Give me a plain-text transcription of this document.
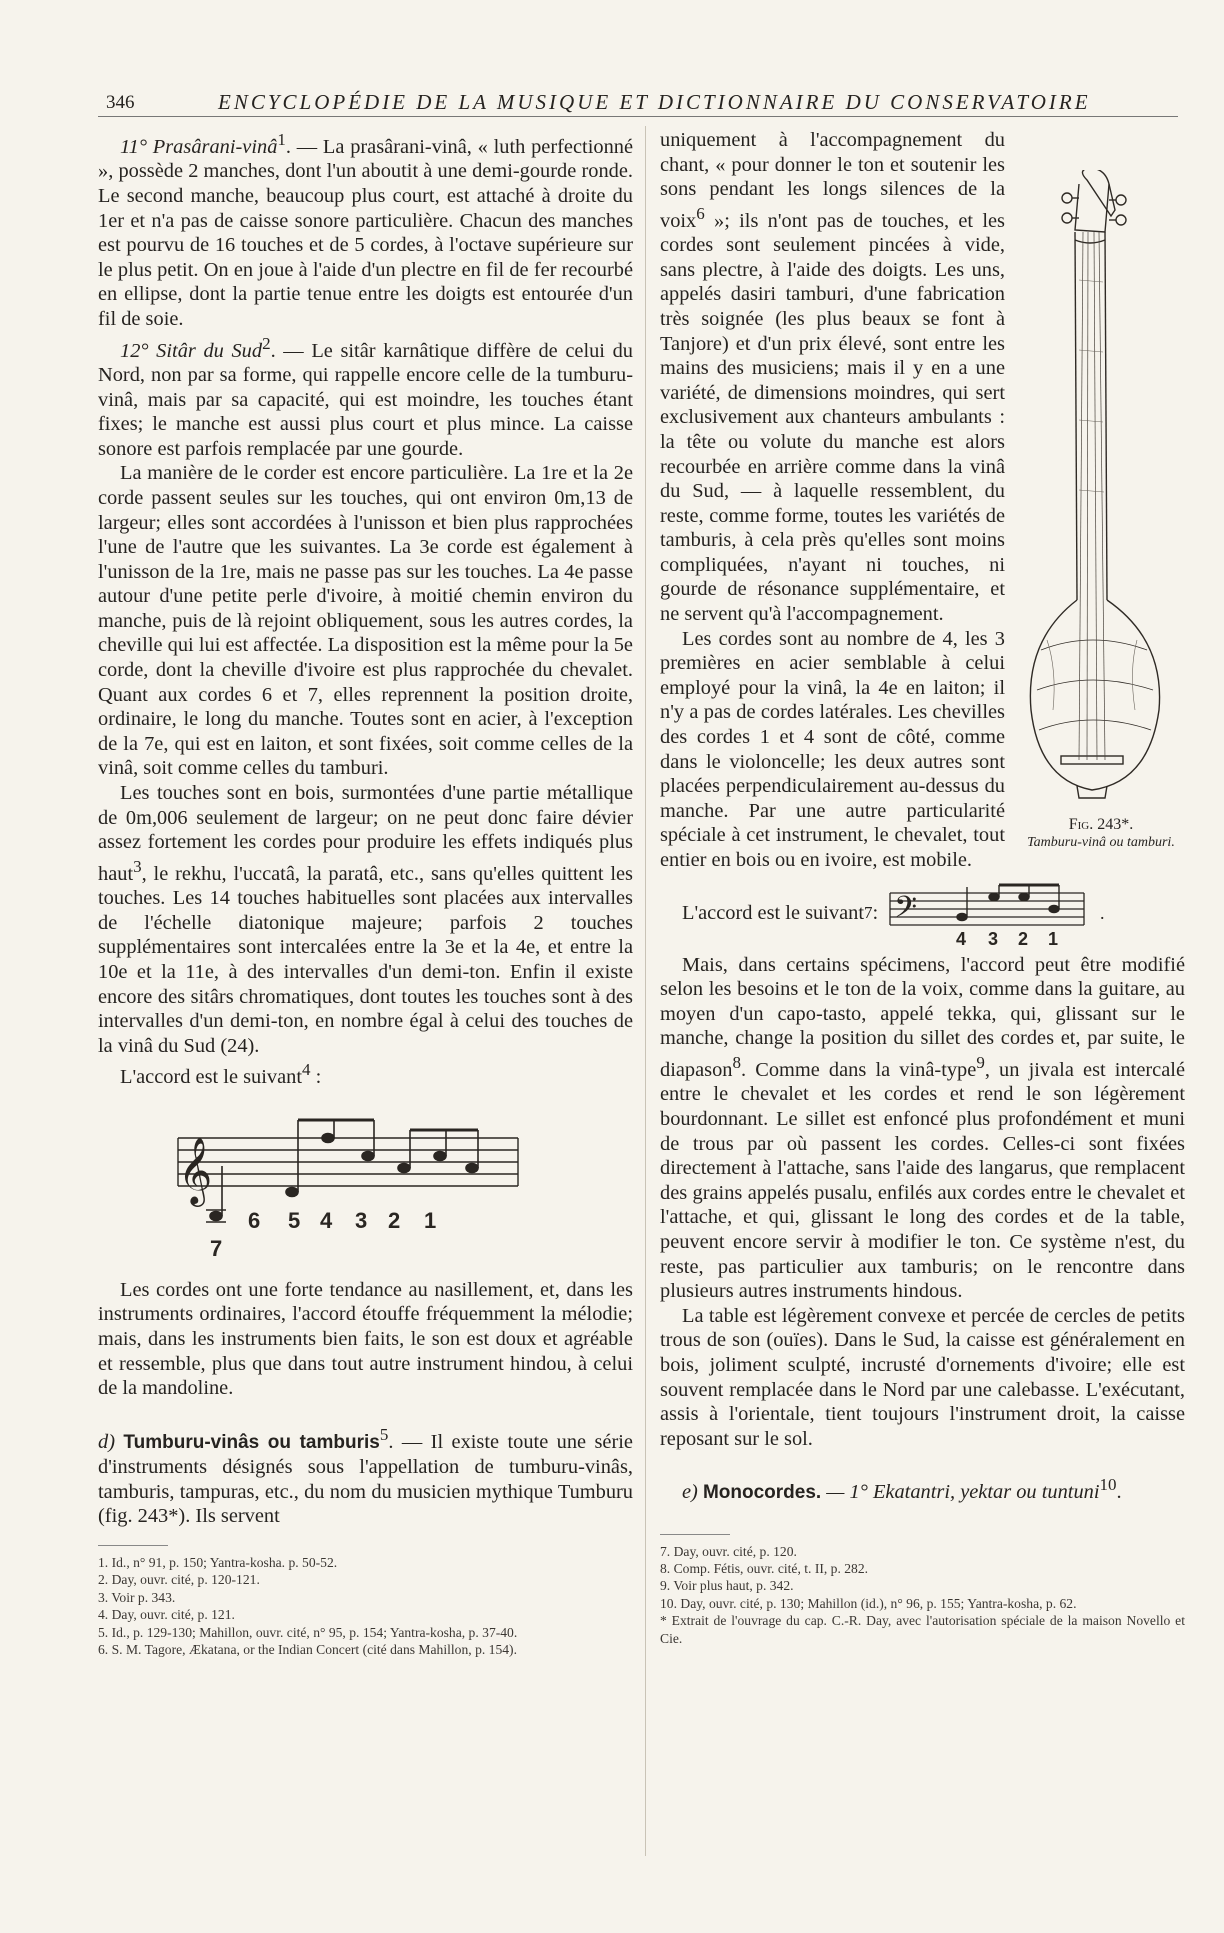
346	ENCYCLOPÉDIE DE LA MUSIQUE ET DICTIONNAIRE DU CONSERVATOIRE

11° Prasârani-vinâ$^1$. — La prasârani-vinâ, « luth perfectionné », possède 2 manches, dont l'un aboutit à une demi-gourde ronde. Le second manche, beaucoup plus court, est attaché à droite du 1er et n'a pas de caisse sonore particulière. Chacun des manches est pourvu de 16 touches et de 5 cordes, à l'octave supérieure sur le plus petit. On en joue à l'aide d'un plectre en fil de fer recourbé en ellipse, dont la partie tenue entre les doigts est entourée d'un fil de soie.

12° Sitâr du Sud$^2$. — Le sitâr karnâtique diffère de celui du Nord, non par sa forme, qui rappelle encore celle de la tumburu-vinâ, mais par sa capacité, qui est moindre, les touches étant fixes; le manche est aussi plus court et plus mince. La caisse sonore est parfois remplacée par une gourde.

La manière de le corder est encore particulière. La 1re et la 2e corde passent seules sur les touches, qui ont environ 0m,13 de largeur; elles sont accordées à l'unisson et bien plus rapprochées l'une de l'autre que les suivantes. La 3e corde est également à l'unisson de la 1re, mais ne passe pas sur les touches. La 4e passe autour d'une petite perle d'ivoire, à moitié chemin environ du manche, puis de là rejoint obliquement, sous les autres cordes, la cheville qui lui est affectée. La disposition est la même pour la 5e corde, dont la cheville d'ivoire est plus rapprochée du chevalet. Quant aux cordes 6 et 7, elles reprennent la position droite, ordinaire, le long du manche. Toutes sont en acier, à l'exception de la 7e, qui est en laiton, et sont fixées, soit comme celles de la vinâ, soit comme celles du tamburi.

Les touches sont en bois, surmontées d'une partie métallique de 0m,006 seulement de largeur; on ne peut donc faire dévier assez fortement les cordes pour produire les effets indiqués plus haut$^3$, le rekhu, l'uccatâ, la paratâ, etc., sans qu'elles quittent les touches. Les 14 touches habituelles sont placées aux intervalles de l'échelle diatonique majeure; parfois 2 touches supplémentaires sont intercalées entre la 3e et la 4e, et entre la 10e et la 11e, à des intervalles d'un demi-ton. Enfin il existe encore des sitârs chromatiques, dont toutes les touches sont à des intervalles d'un demi-ton, en nombre égal à celui des touches de la vinâ du Sud (24).

L'accord est le suivant$^4$ :

𝄞
6 5 4 3 2 1
7

Les cordes ont une forte tendance au nasillement, et, dans les instruments ordinaires, l'accord étouffe fréquemment la mélodie; mais, dans les instruments bien faits, le son est doux et agréable et ressemble, plus que dans tout autre instrument hindou, à celui de la mandoline.

d) Tumburu-vinâs ou tamburis$^5$. — Il existe toute une série d'instruments désignés sous l'appellation de tumburu-vinâs, tamburis, tampuras, etc., du nom du musicien mythique Tumburu (fig. 243*). Ils servent

1. Id., n° 91, p. 150; Yantra-kosha. p. 50-52.

2. Day, ouvr. cité, p. 120-121.

3. Voir p. 343.

4. Day, ouvr. cité, p. 121.

5. Id., p. 129-130; Mahillon, ouvr. cité, n° 95, p. 154; Yantra-kosha, p. 37-40.

6. S. M. Tagore, Ækatana, or the Indian Concert (cité dans Mahillon, p. 154).

Fig. 243*.
Tamburu-vinâ ou tamburi.

uniquement à l'accompagnement du chant, « pour donner le ton et soutenir les sons pendant les longs silences de la voix$^6$ »; ils n'ont pas de touches, et les cordes sont seulement pincées à vide, sans plectre, à l'aide des doigts. Les uns, appelés dasiri tamburi, d'une fabrication très soignée (les plus beaux se font à Tanjore) et d'un prix élevé, sont entre les mains des musiciens; mais il y en a une variété, de dimensions moindres, qui sert exclusivement aux chanteurs ambulants : la tête ou volute du manche est alors recourbée en arrière comme dans la vinâ du Sud, — à laquelle ressemblent, du reste, comme forme, toutes les variétés de tamburis, à cela près qu'elles sont moins compliquées, n'ayant ni touches, ni gourde de résonance supplémentaire, et ne servent qu'à l'accompagnement.

Les cordes sont au nombre de 4, les 3 premières en acier semblable à celui employé pour la vinâ, la 4e en laiton; il n'y a pas de cordes latérales. Les chevilles des cordes 1 et 4 sont de côté, comme dans le violoncelle; les deux autres sont placées perpendiculairement au-dessus du manche. Par une autre particularité spéciale à cet instrument, le chevalet, tout entier en bois ou en ivoire, est mobile.

L'accord est le suivant 7 : 𝄢	.
4 3 2 1

Mais, dans certains spécimens, l'accord peut être modifié selon les besoins et le ton de la voix, comme dans la guitare, au moyen d'un capo-tasto, appelé tekka, qui, glissant sur le manche, change la position du sillet des cordes et, par suite, le diapason$^8$. Comme dans la vinâ-type$^9$, un jivala est intercalé entre le chevalet et les cordes et rend le son légèrement bourdonnant. Le sillet est enfoncé plus profondément et muni de trous par où passent les cordes. Celles-ci sont fixées directement à l'attache, sans l'aide des langarus, que remplacent des grains appelés pusalu, enfilés aux cordes entre le chevalet et l'attache, et qui, glissant le long des cordes et de la table, peuvent encore servir à modifier le ton. Ce système n'est, du reste, pas particulier aux tamburis; on le rencontre dans plusieurs autres instruments hindous.

La table est légèrement convexe et percée de cercles de petits trous de son (ouïes). Dans le Sud, la caisse est généralement en bois, joliment sculpté, incrusté d'ornements d'ivoire; elle est souvent remplacée dans le Nord par une calebasse. L'exécutant, assis à l'orientale, tient toujours l'instrument droit, la caisse reposant sur le sol.

e) Monocordes. — 1° Ekatantri, yektar ou tuntuni$^{10}$.

7. Day, ouvr. cité, p. 120.

8. Comp. Fétis, ouvr. cité, t. II, p. 282.

9. Voir plus haut, p. 342.

10. Day, ouvr. cité, p. 130; Mahillon (id.), n° 96, p. 155; Yantra-kosha, p. 62.

* Extrait de l'ouvrage du cap. C.-R. Day, avec l'autorisation spéciale de la maison Novello et Cie.
